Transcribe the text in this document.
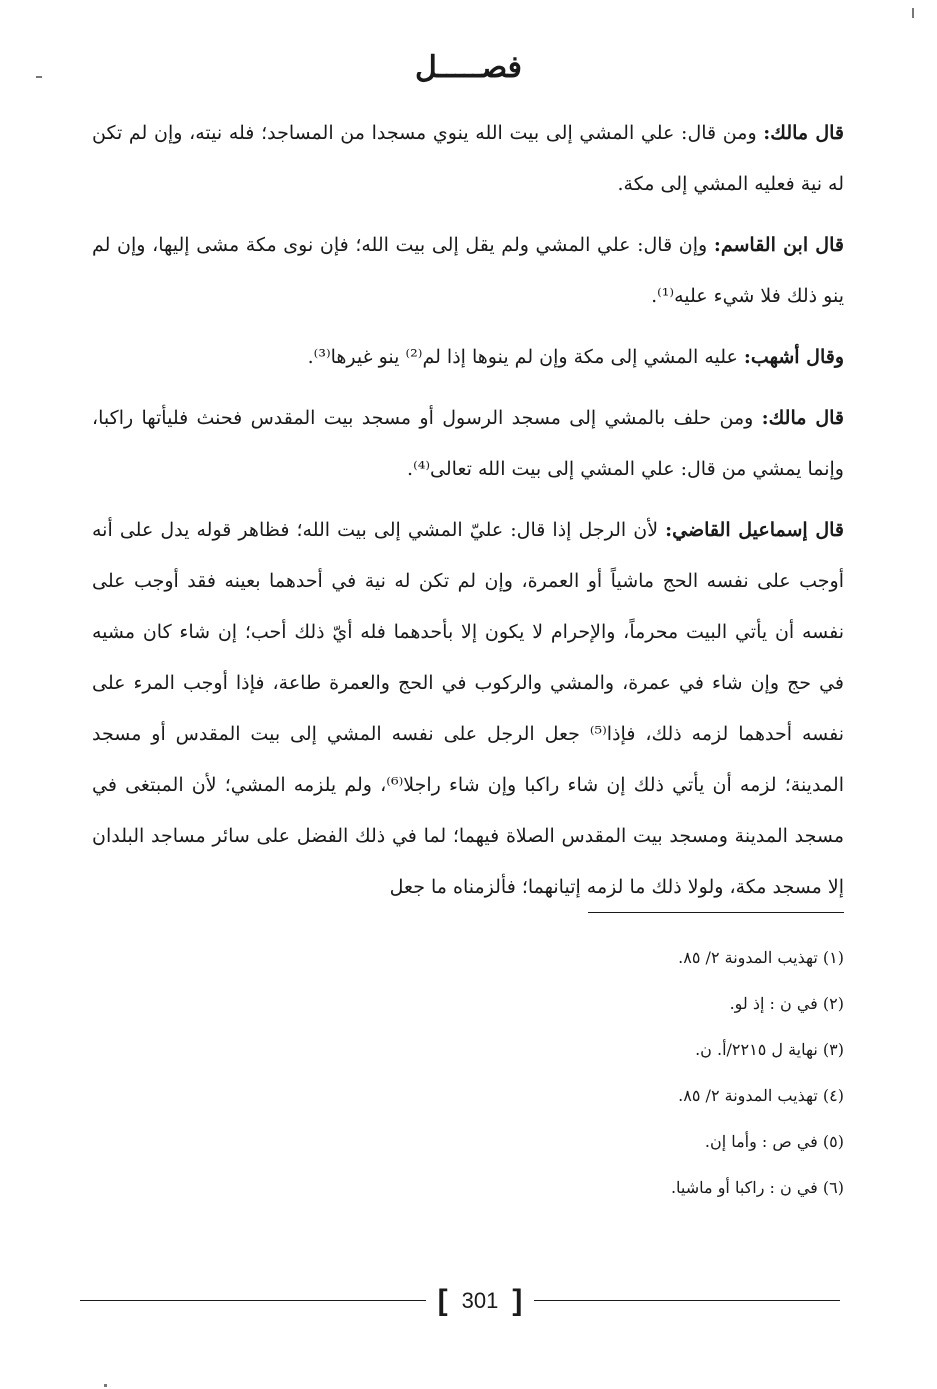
فصـــــل

قال مالك: ومن قال: علي المشي إلى بيت الله ينوي مسجدا من المساجد؛ فله نيته، وإن لم تكن له نية فعليه المشي إلى مكة.

قال ابن القاسم: وإن قال: علي المشي ولم يقل إلى بيت الله؛ فإن نوى مكة مشى إليها، وإن لم ينو ذلك فلا شيء عليه⁽¹⁾.

وقال أشهب: عليه المشي إلى مكة وإن لم ينوها إذا لم⁽²⁾ ينو غيرها⁽³⁾.

قال مالك: ومن حلف بالمشي إلى مسجد الرسول أو مسجد بيت المقدس فحنث فليأتها راكبا، وإنما يمشي من قال: علي المشي إلى بيت الله تعالى⁽⁴⁾.

قال إسماعيل القاضي: لأن الرجل إذا قال: عليّ المشي إلى بيت الله؛ فظاهر قوله يدل على أنه أوجب على نفسه الحج ماشياً أو العمرة، وإن لم تكن له نية في أحدهما بعينه فقد أوجب على نفسه أن يأتي البيت محرماً، والإحرام لا يكون إلا بأحدهما فله أيّ ذلك أحب؛ إن شاء كان مشيه في حج وإن شاء في عمرة، والمشي والركوب في الحج والعمرة طاعة، فإذا أوجب المرء على نفسه أحدهما لزمه ذلك، فإذا⁽⁵⁾ جعل الرجل على نفسه المشي إلى بيت المقدس أو مسجد المدينة؛ لزمه أن يأتي ذلك إن شاء راكبا وإن شاء راجلا⁽⁶⁾، ولم يلزمه المشي؛ لأن المبتغى في مسجد المدينة ومسجد بيت المقدس الصلاة فيهما؛ لما في ذلك الفضل على سائر مساجد البلدان إلا مسجد مكة، ولولا ذلك ما لزمه إتيانهما؛ فألزمناه ما جعل

(١) تهذيب المدونة ٢/ ٨٥.

(٢) في ن : إذ لو.

(٣) نهاية ل ٢٢١٥/أ. ن.

(٤) تهذيب المدونة ٢/ ٨٥.

(٥) في ص : وأما إن.

(٦) في ن : راكبا أو ماشيا.

[ 301 ]
